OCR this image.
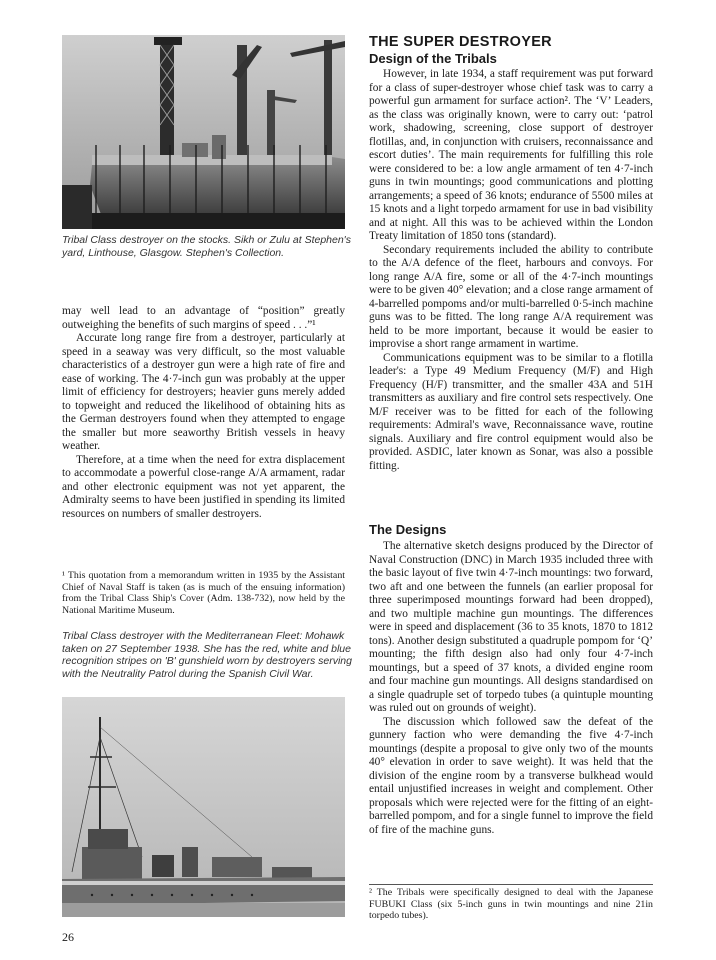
Tribal Class destroyer on the stocks. Sikh or Zulu at Stephen's yard, Linthouse, Glasgow. Stephen's Collection.

may well lead to an advantage of “position” greatly outweighing the benefits of such margins of speed . . .”¹

Accurate long range fire from a destroyer, particularly at speed in a seaway was very difficult, so the most valuable characteristics of a destroyer gun were a high rate of fire and ease of working. The 4·7-inch gun was probably at the upper limit of efficiency for destroyers; heavier guns merely added to topweight and reduced the likelihood of obtaining hits as the German destroyers found when they attempted to engage the smaller but more seaworthy British vessels in heavy weather.

Therefore, at a time when the need for extra displacement to accommodate a powerful close-range A/A armament, radar and other electronic equipment was not yet apparent, the Admiralty seems to have been justified in spending its limited resources on numbers of smaller destroyers.

¹ This quotation from a memorandum written in 1935 by the Assistant Chief of Naval Staff is taken (as is much of the ensuing information) from the Tribal Class Ship's Cover (Adm. 138-732), now held by the National Maritime Museum.

Tribal Class destroyer with the Mediterranean Fleet: Mohawk taken on 27 September 1938. She has the red, white and blue recognition stripes on 'B' gunshield worn by destroyers serving with the Neutrality Patrol during the Spanish Civil War.
THE SUPER DESTROYER
Design of the Tribals

However, in late 1934, a staff requirement was put forward for a class of super-destroyer whose chief task was to carry a powerful gun armament for surface action². The ‘V’ Leaders, as the class was originally known, were to carry out: ‘patrol work, shadowing, screening, close support of destroyer flotillas, and, in conjunction with cruisers, reconnaissance and escort duties’. The main requirements for fulfilling this role were considered to be: a low angle armament of ten 4·7-inch guns in twin mountings; good communications and plotting arrangements; a speed of 36 knots; endurance of 5500 miles at 15 knots and a light torpedo armament for use in bad visibility and at night. All this was to be achieved within the London Treaty limitation of 1850 tons (standard).

Secondary requirements included the ability to contribute to the A/A defence of the fleet, harbours and convoys. For long range A/A fire, some or all of the 4·7-inch mountings were to be given 40° elevation; and a close range armament of 4-barrelled pompoms and/or multi-barrelled 0·5-inch machine guns was to be fitted. The long range A/A requirement was held to be more important, because it would be easier to improvise a short range armament in wartime.

Communications equipment was to be similar to a flotilla leader's: a Type 49 Medium Frequency (M/F) and High Frequency (H/F) transmitter, and the smaller 43A and 51H transmitters as auxiliary and fire control sets respectively. One M/F receiver was to be fitted for each of the following requirements: Admiral's wave, Reconnaissance wave, routine signals. Auxiliary and fire control equipment would also be provided. ASDIC, later known as Sonar, was also a possible fitting.

The Designs

The alternative sketch designs produced by the Director of Naval Construction (DNC) in March 1935 included three with the basic layout of five twin 4·7-inch mountings: two forward, two aft and one between the funnels (an earlier proposal for three superimposed mountings forward had been dropped), and two multiple machine gun mountings. The differences were in speed and displacement (36 to 35 knots, 1870 to 1812 tons). Another design substituted a quadruple pompom for ‘Q’ mounting; the fifth design also had only four 4·7-inch mountings, but a speed of 37 knots, a divided engine room and four machine gun mountings. All designs standardised on a single quadruple set of torpedo tubes (a quintuple mounting was ruled out on grounds of weight).

The discussion which followed saw the defeat of the gunnery faction who were demanding the five 4·7-inch mountings (despite a proposal to give only two of the mounts 40° elevation in order to save weight). It was held that the division of the engine room by a transverse bulkhead would entail unjustified increases in weight and complement. Other proposals which were rejected were for the fitting of an eight-barrelled pompom, and for a single funnel to improve the field of fire of the machine guns.

² The Tribals were specifically designed to deal with the Japanese FUBUKI Class (six 5-inch guns in twin mountings and nine 21in torpedo tubes).

26
